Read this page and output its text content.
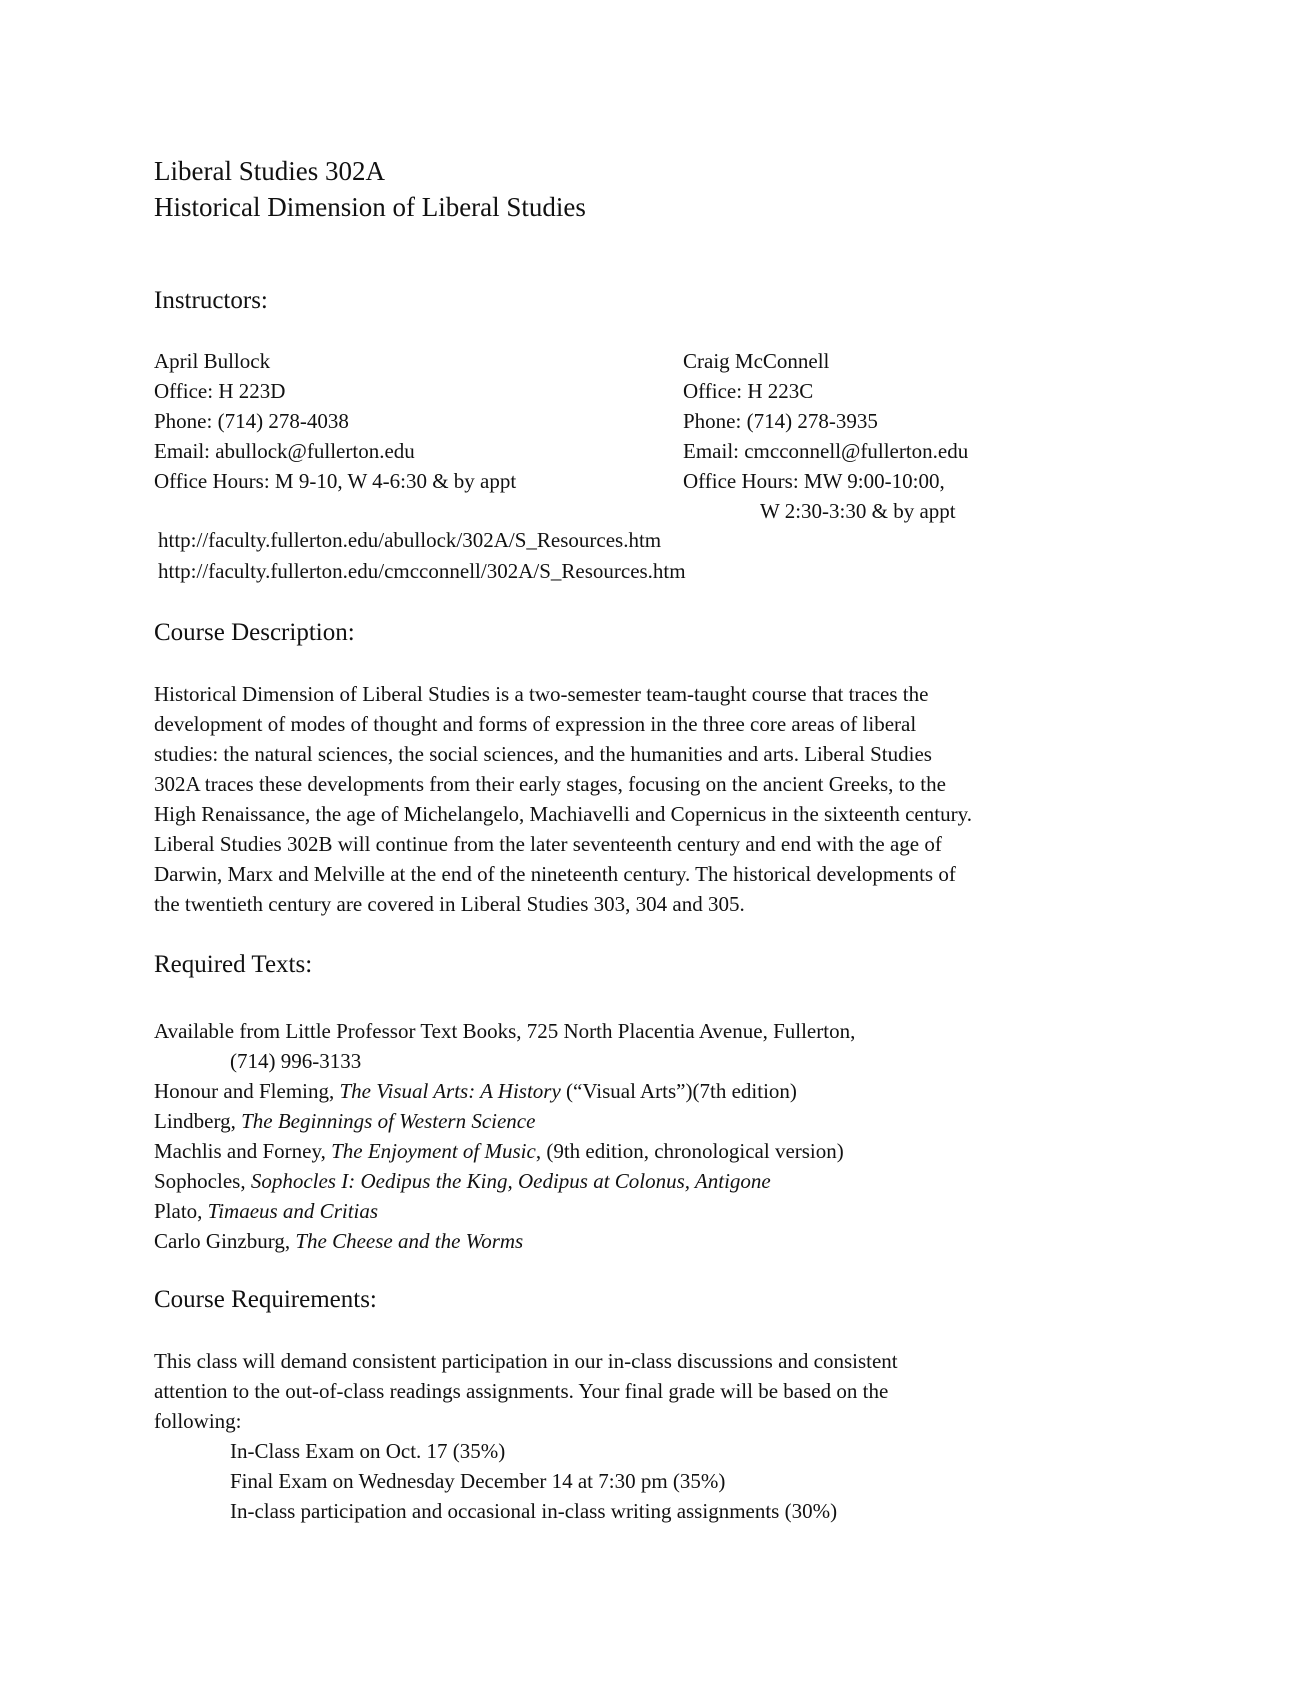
Liberal Studies 302A
Historical Dimension of Liberal Studies
Instructors:
April Bullock
Office: H 223D
Phone: (714) 278-4038
Email: abullock@fullerton.edu
Office Hours: M 9-10, W 4-6:30 & by appt
Craig McConnell
Office: H 223C
Phone: (714) 278-3935
Email: cmcconnell@fullerton.edu
Office Hours: MW 9:00-10:00,
W 2:30-3:30 & by appt
http://faculty.fullerton.edu/abullock/302A/S_Resources.htm
http://faculty.fullerton.edu/cmcconnell/302A/S_Resources.htm
Course Description:
Historical Dimension of Liberal Studies is a two-semester team-taught course that traces the
development of modes of thought and forms of expression in the three core areas of liberal
studies: the natural sciences, the social sciences, and the humanities and arts. Liberal Studies
302A traces these developments from their early stages, focusing on the ancient Greeks, to the
High Renaissance, the age of Michelangelo, Machiavelli and Copernicus in the sixteenth century.
Liberal Studies 302B will continue from the later seventeenth century and end with the age of
Darwin, Marx and Melville at the end of the nineteenth century. The historical developments of
the twentieth century are covered in Liberal Studies 303, 304 and 305.
Required Texts:
Available from Little Professor Text Books, 725 North Placentia Avenue, Fullerton,
(714) 996-3133
Honour and Fleming, The Visual Arts: A History (“Visual Arts”)(7th edition)
Lindberg, The Beginnings of Western Science
Machlis and Forney, The Enjoyment of Music, (9th edition, chronological version)
Sophocles, Sophocles I: Oedipus the King, Oedipus at Colonus, Antigone
Plato, Timaeus and Critias
Carlo Ginzburg, The Cheese and the Worms
Course Requirements:
This class will demand consistent participation in our in-class discussions and consistent
attention to the out-of-class readings assignments. Your final grade will be based on the
following:
In-Class Exam on Oct. 17 (35%)
Final Exam on Wednesday December 14 at 7:30 pm (35%)
In-class participation and occasional in-class writing assignments (30%)
